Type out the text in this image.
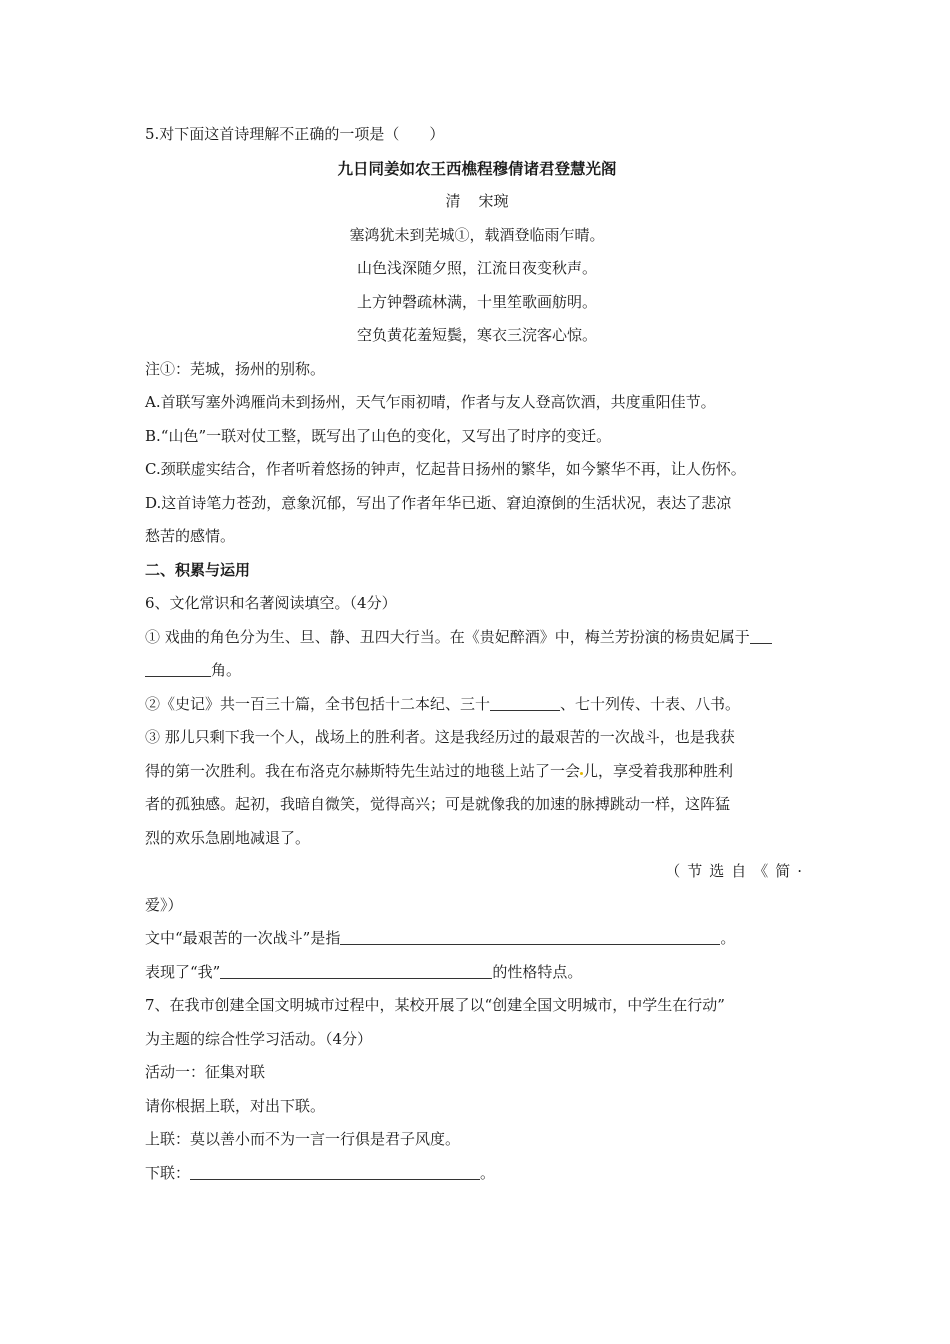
5.对下面这首诗理解不正确的一项是（　　）
九日同姜如农王西樵程穆倩诸君登慧光阁
清 宋琬
塞鸿犹未到芜城①，载酒登临雨乍晴。
山色浅深随夕照，江流日夜变秋声。
上方钟磬疏林满，十里笙歌画舫明。
空负黄花羞短鬓，寒衣三浣客心惊。
注①：芜城，扬州的别称。
A.首联写塞外鸿雁尚未到扬州，天气乍雨初晴，作者与友人登高饮酒，共度重阳佳节。
B.“山色”一联对仗工整，既写出了山色的变化，又写出了时序的变迁。
C.颈联虚实结合，作者听着悠扬的钟声，忆起昔日扬州的繁华，如今繁华不再，让人伤怀。
D.这首诗笔力苍劲，意象沉郁，写出了作者年华已逝、窘迫潦倒的生活状况，表达了悲凉
愁苦的感情。
二、积累与运用
6、文化常识和名著阅读填空。（4分）
① 戏曲的角色分为生、旦、静、丑四大行当。在《贵妃醉酒》中，梅兰芳扮演的杨贵妃属于
角。
②《史记》共一百三十篇，全书包括十二本纪、三十	、七十列传、十表、八书。
③ 那儿只剩下我一个人，战场上的胜利者。这是我经历过的最艰苦的一次战斗，也是我获
得的第一次胜利。我在布洛克尔赫斯特先生站过的地毯上站了一会 儿，享受着我那种胜利
者的孤独感。起初，我暗自微笑，觉得高兴；可是就像我的加速的脉搏跳动一样，这阵猛
烈的欢乐急剧地减退了。
（节选自《简·
爱》）
文中“最艰苦的一次战斗”是指	。
表现了“我”	的性格特点。
7、在我市创建全国文明城市过程中，某校开展了以“创建全国文明城市，中学生在行动”
为主题的综合性学习活动。（4分）
活动一：征集对联
请你根据上联，对出下联。
上联：莫以善小而不为一言一行俱是君子风度。
下联：	。
